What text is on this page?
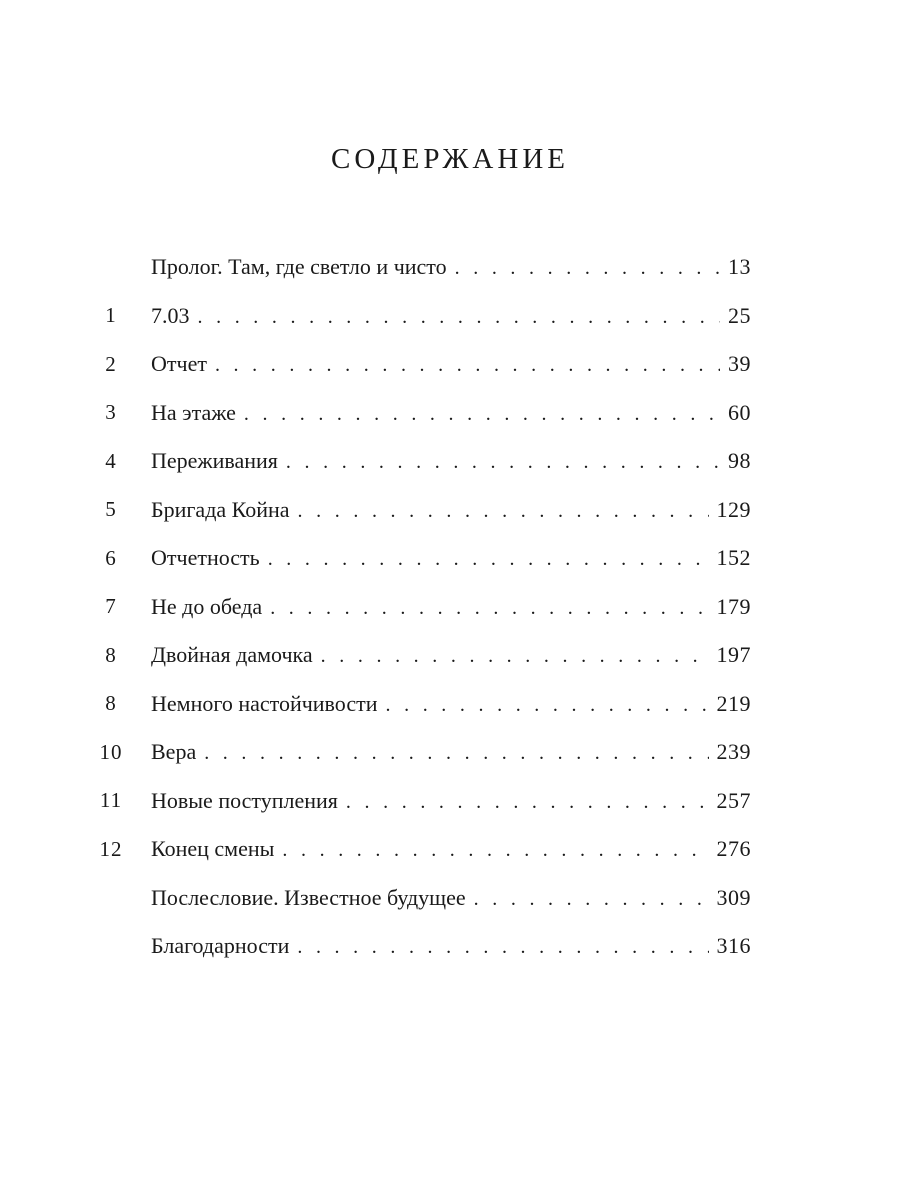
СОДЕРЖАНИЕ
Пролог. Там, где светло и чисто . . .	13
1	7.03 . . .	25
2	Отчет . . .	39
3	На этаже . . .	60
4	Переживания . . .	98
5	Бригада Койна . . .	129
6	Отчетность . . .	152
7	Не до обеда . . .	179
8	Двойная дамочка . . .	197
8	Немного настойчивости . . .	219
10 Вера . . .	239
11 Новые поступления . . .	257
12 Конец смены . . .	276
Послесловие. Известное будущее . . .	309
Благодарности . . .	316
